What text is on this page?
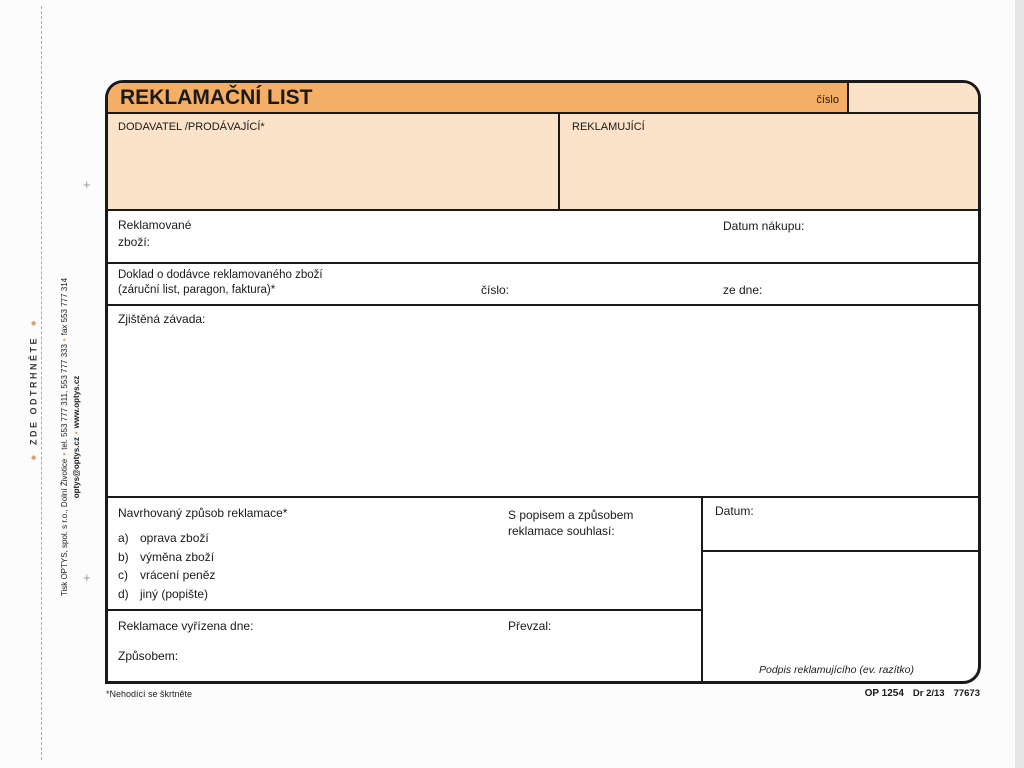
◆
ZDE ODTRHNĚTE
◆
Tisk OPTYS, spol. s r.o., Dolní Životice•tel. 553 777 311, 553 777 333•fax 553 777 314
optys@optys.cz•www.optys.cz
+
+
REKLAMAČNÍ LIST	číslo
DODAVATEL /PRODÁVAJÍCÍ*	REKLAMUJÍCÍ
Reklamované
zboží:
Datum nákupu:
Doklad o dodávce reklamovaného zboží
(záruční list, paragon, faktura)*	číslo:	ze dne:
Zjištěná závada:
Navrhovaný způsob reklamace*
a) oprava zboží
b) výměna zboží
c)	vrácení peněz
d) jiný (popište)
S popisem a způsobem
reklamace souhlasí:
Reklamace vyřízena dne:	Převzal:
Způsobem:
Datum:
Podpis reklamujícího (ev. razítko)
*Nehodící se škrtněte	OP 1254 Dr 2/13 77673
